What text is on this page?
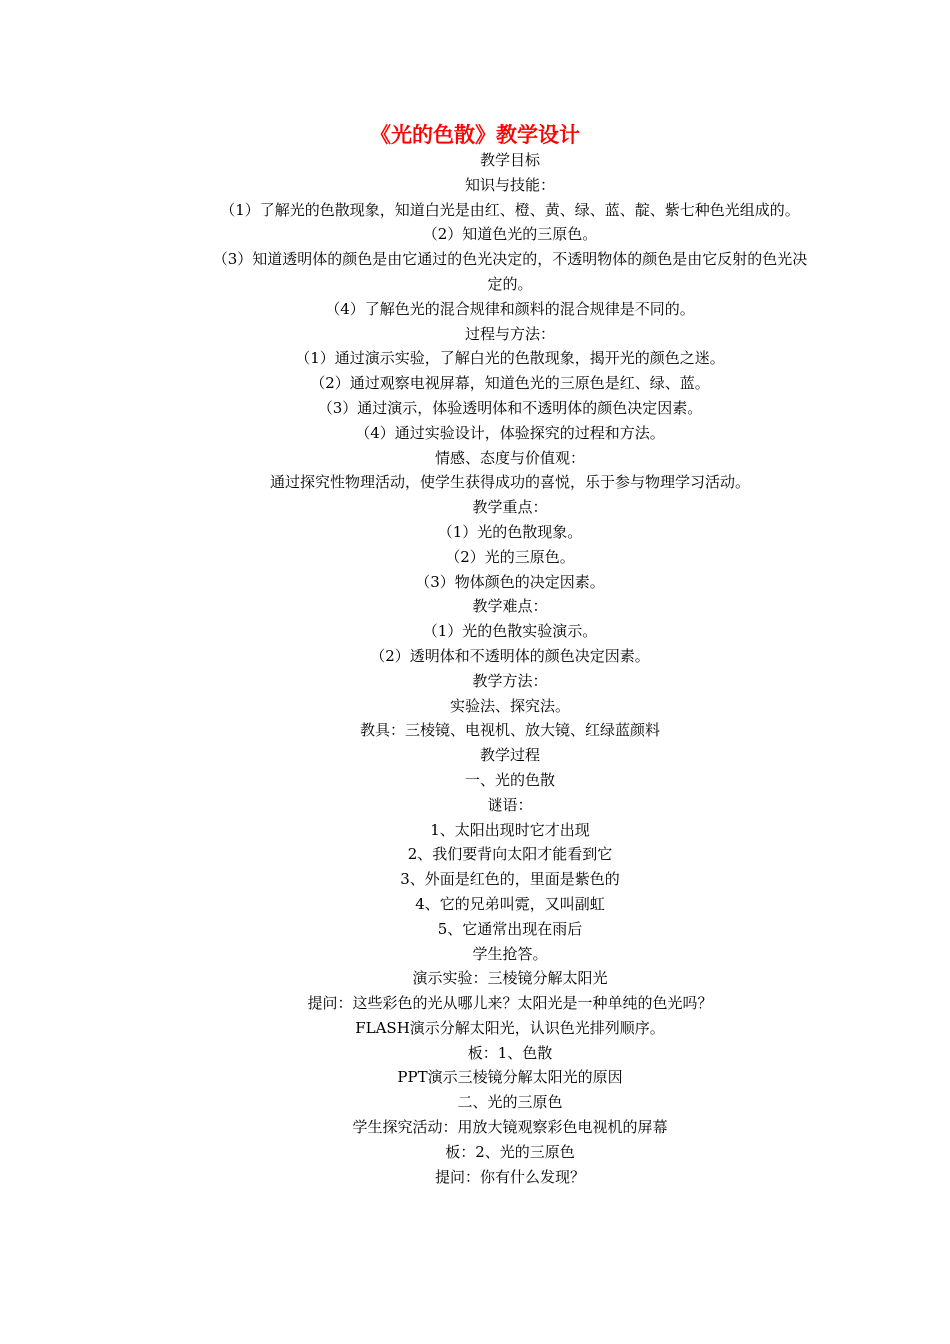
《光的色散》教学设计
教学目标
知识与技能：
（1）了解光的色散现象，知道白光是由红、橙、黄、绿、蓝、靛、紫七种色光组成的。
（2）知道色光的三原色。
（3）知道透明体的颜色是由它通过的色光决定的，不透明物体的颜色是由它反射的色光决定的。
（4）了解色光的混合规律和颜料的混合规律是不同的。
过程与方法：
（1）通过演示实验，了解白光的色散现象，揭开光的颜色之迷。
（2）通过观察电视屏幕，知道色光的三原色是红、绿、蓝。
（3）通过演示，体验透明体和不透明体的颜色决定因素。
（4）通过实验设计，体验探究的过程和方法。
情感、态度与价值观：
通过探究性物理活动，使学生获得成功的喜悦，乐于参与物理学习活动。
教学重点：
（1）光的色散现象。
（2）光的三原色。
（3）物体颜色的决定因素。
教学难点：
（1）光的色散实验演示。
（2）透明体和不透明体的颜色决定因素。
教学方法：
实验法、探究法。
教具：三棱镜、电视机、放大镜、红绿蓝颜料
教学过程
一、光的色散
谜语：
1、太阳出现时它才出现
2、我们要背向太阳才能看到它
3、外面是红色的，里面是紫色的
4、它的兄弟叫霓，又叫副虹
5、它通常出现在雨后
学生抢答。
演示实验：三棱镜分解太阳光
提问：这些彩色的光从哪儿来？太阳光是一种单纯的色光吗？
FLASH演示分解太阳光，认识色光排列顺序。
板：1、色散
PPT演示三棱镜分解太阳光的原因
二、光的三原色
学生探究活动：用放大镜观察彩色电视机的屏幕
板：2、光的三原色
提问：你有什么发现？
